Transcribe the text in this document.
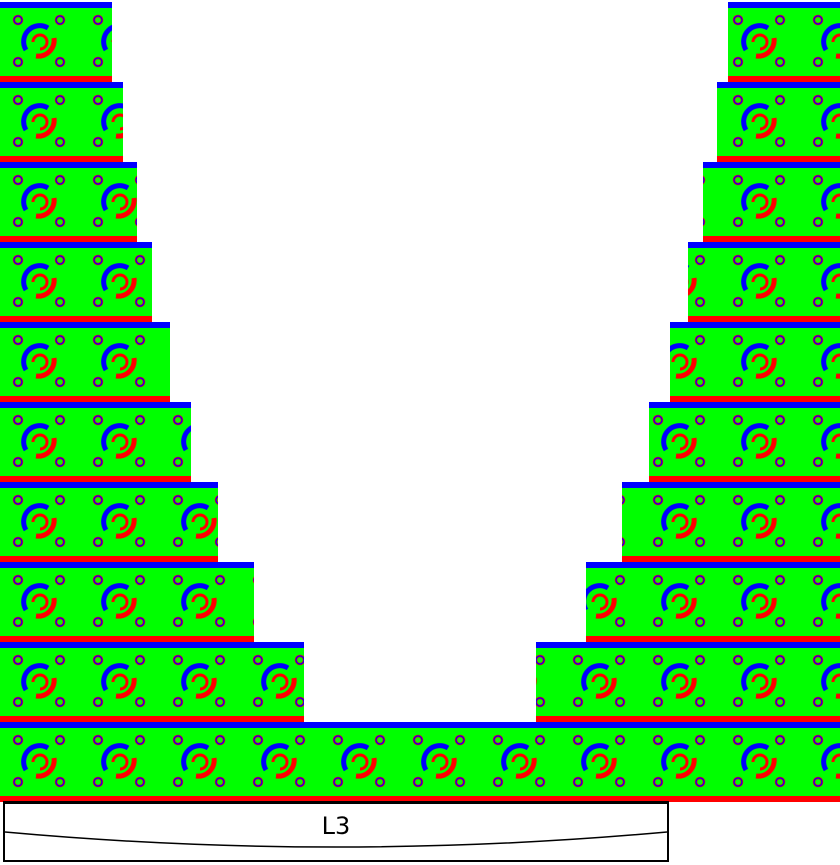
L3
